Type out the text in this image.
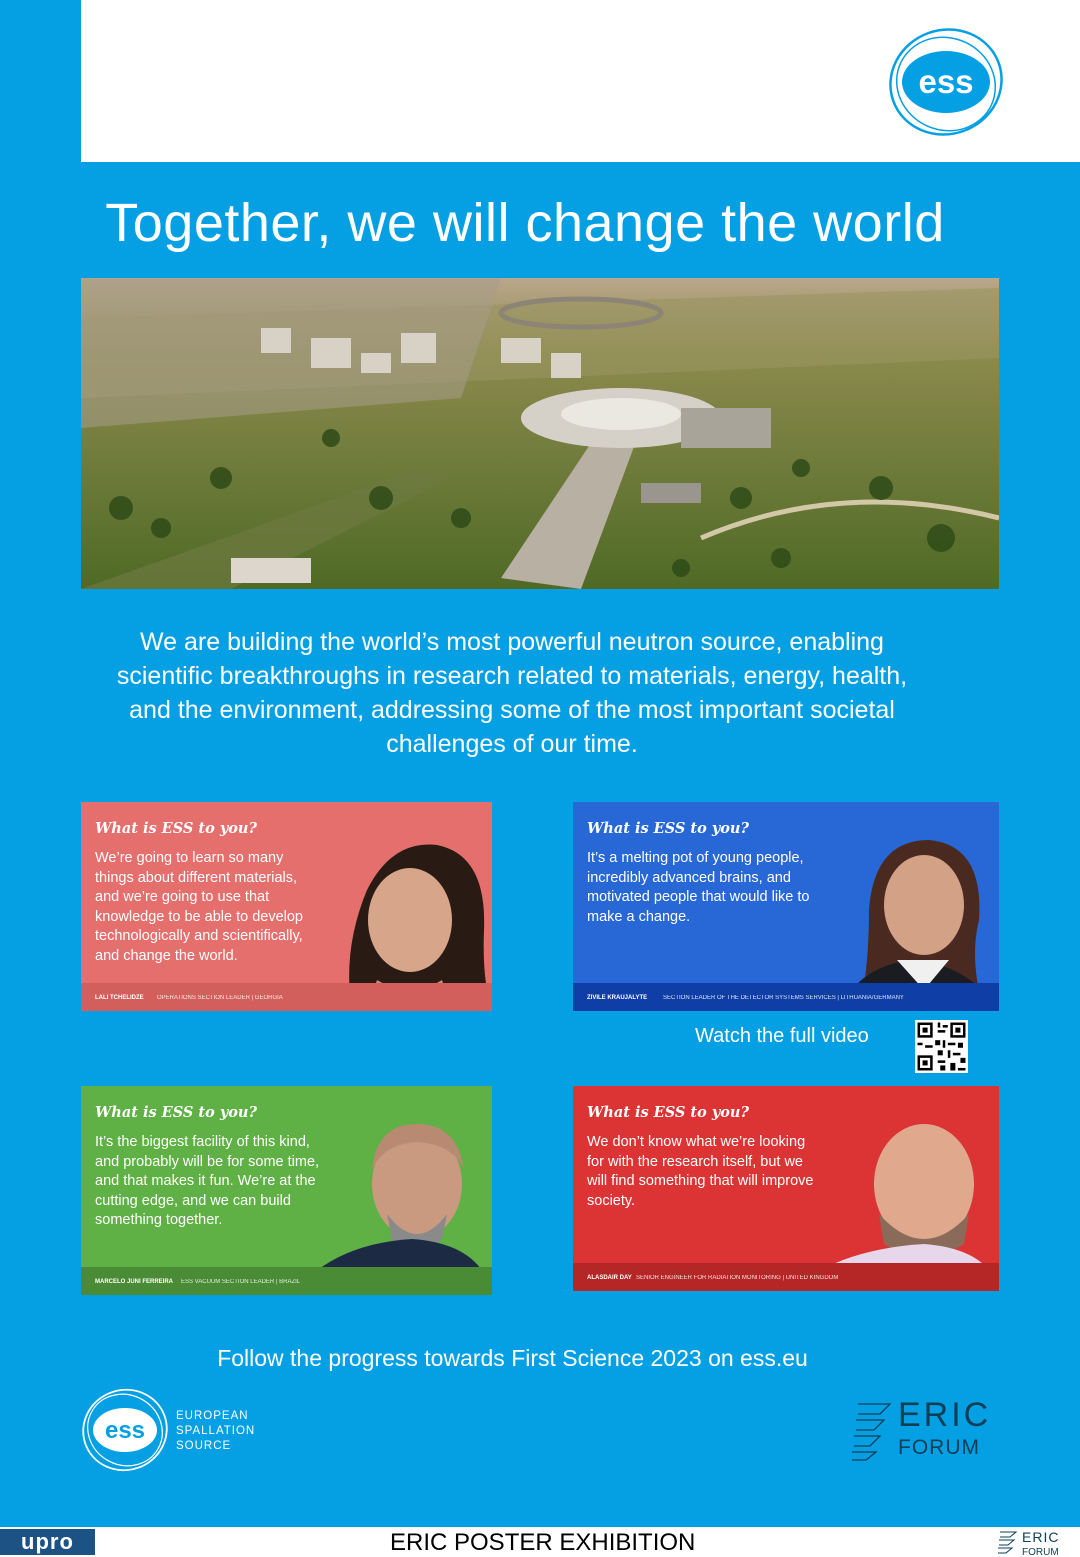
ess
Together, we will change the world
We are building the world’s most powerful neutron source, enabling scientific breakthroughs in research related to materials, energy, health, and the environment, addressing some of the most important societal challenges of our time.
What is ESS to you?
We’re going to learn so many things about different materials, and we’re going to use that knowledge to be able to develop technologically and scientifically, and change the world.
LALI TCHELIDZE OPERATIONS SECTION LEADER | GEORGIA
What is ESS to you?
It’s a melting pot of young people, incredibly advanced brains, and motivated people that would like to make a change.
ZIVILE KRAUJALYTE	SECTION LEADER OF THE DETECTOR SYSTEMS SERVICES | LITHUANIA/GERMANY
Watch the full video
What is ESS to you?
It’s the biggest facility of this kind, and probably will be for some time, and that makes it fun. We’re at the cutting edge, and we can build something together.
MARCELO JUNI FERREIRA ESS VACUUM SECTION LEADER | BRAZIL
What is ESS to you?
We don’t know what we’re looking for with the research itself, but we will find something that will improve society.
ALASDAIR DAY SENIOR ENGINEER FOR RADIATION MONITORING | UNITED KINGDOM
Follow the progress towards First Science 2023 on ess.eu
ess
EUROPEAN
SPALLATION
SOURCE
ERIC
FORUM
upro	ERIC POSTER EXHIBITION	ERIC
FORUM
